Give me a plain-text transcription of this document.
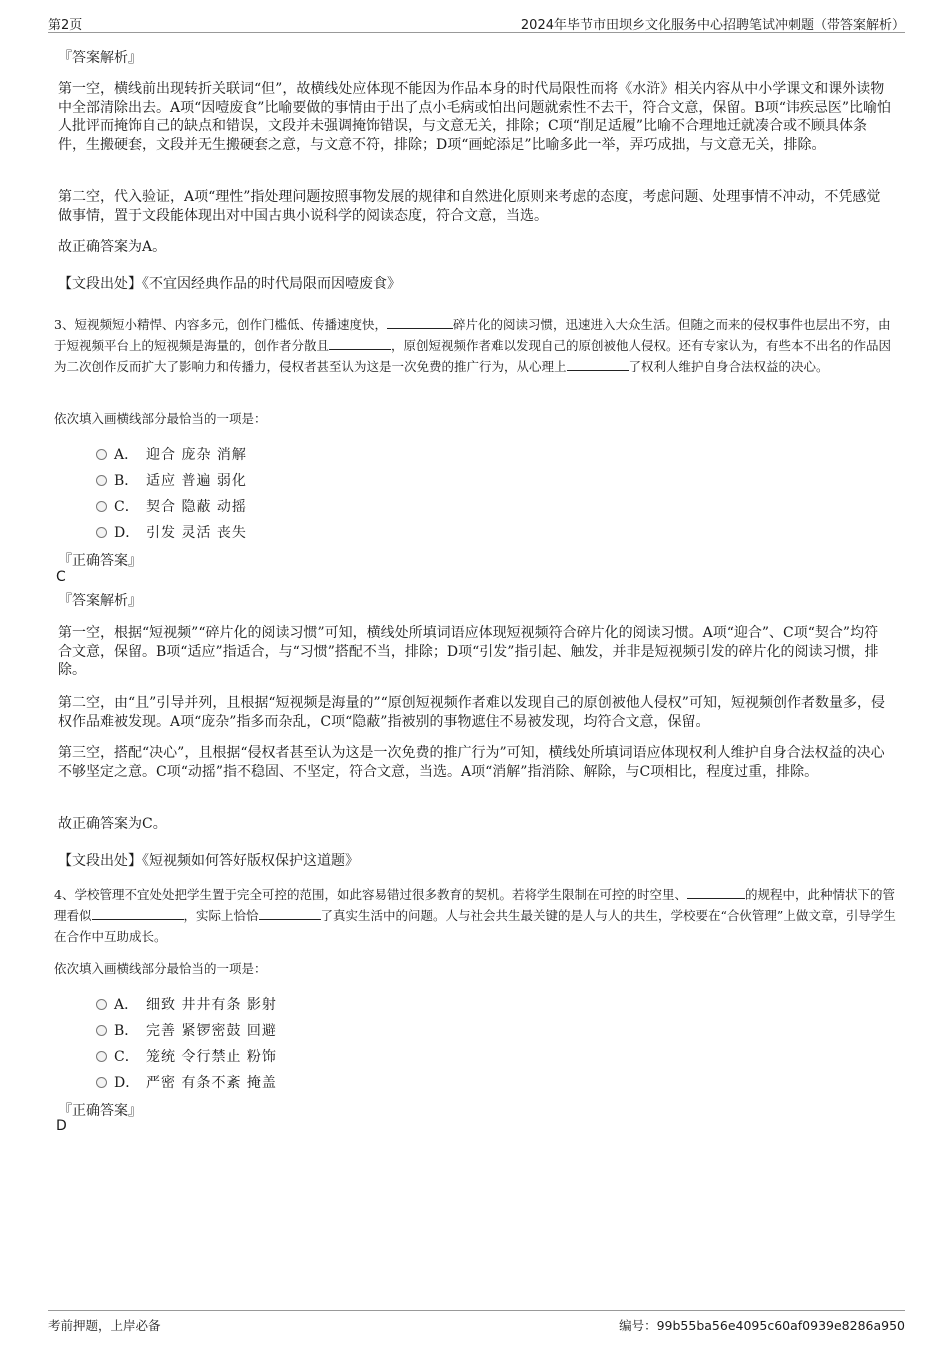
第2页	2024年毕节市田坝乡文化服务中心招聘笔试冲刺题（带答案解析）
『答案解析』
第一空，横线前出现转折关联词“但”，故横线处应体现不能因为作品本身的时代局限性而将《水浒》相关内容从中小学课文和课外读物中全部清除出去。A项“因噎废食”比喻要做的事情由于出了点小毛病或怕出问题就索性不去干，符合文意，保留。B项“讳疾忌医”比喻怕人批评而掩饰自己的缺点和错误，文段并未强调掩饰错误，与文意无关，排除；C项“削足适履”比喻不合理地迁就凑合或不顾具体条件，生搬硬套，文段并无生搬硬套之意，与文意不符，排除；D项“画蛇添足”比喻多此一举，弄巧成拙，与文意无关，排除。
第二空，代入验证，A项“理性”指处理问题按照事物发展的规律和自然进化原则来考虑的态度，考虑问题、处理事情不冲动，不凭感觉做事情，置于文段能体现出对中国古典小说科学的阅读态度，符合文意，当选。
故正确答案为A。
【文段出处】《不宜因经典作品的时代局限而因噎废食》
3、短视频短小精悍、内容多元，创作门槛低、传播速度快，	碎片化的阅读习惯，迅速进入大众生活。但随之而来的侵权事件也层出不穷，由于短视频平台上的短视频是海量的，创作者分散且	，原创短视频作者难以发现自己的原创被他人侵权。还有专家认为，有些本不出名的作品因为二次创作反而扩大了影响力和传播力，侵权者甚至认为这是一次免费的推广行为，从心理上	了权利人维护自身合法权益的决心。
依次填入画横线部分最恰当的一项是：
A． 迎合 庞杂 消解
B． 适应 普遍 弱化
C． 契合 隐蔽 动摇
D． 引发 灵活 丧失
『正确答案』
C
『答案解析』
第一空，根据“短视频”“碎片化的阅读习惯”可知，横线处所填词语应体现短视频符合碎片化的阅读习惯。A项“迎合”、C项“契合”均符合文意，保留。B项“适应”指适合，与“习惯”搭配不当，排除；D项“引发”指引起、触发，并非是短视频引发的碎片化的阅读习惯，排除。
第二空，由“且”引导并列，且根据“短视频是海量的”“原创短视频作者难以发现自己的原创被他人侵权”可知，短视频创作者数量多，侵权作品难被发现。A项“庞杂”指多而杂乱，C项“隐蔽”指被别的事物遮住不易被发现，均符合文意，保留。
第三空，搭配“决心”，且根据“侵权者甚至认为这是一次免费的推广行为”可知，横线处所填词语应体现权利人维护自身合法权益的决心不够坚定之意。C项“动摇”指不稳固、不坚定，符合文意，当选。A项“消解”指消除、解除，与C项相比，程度过重，排除。
故正确答案为C。
【文段出处】《短视频如何答好版权保护这道题》
4、学校管理不宜处处把学生置于完全可控的范围，如此容易错过很多教育的契机。若将学生限制在可控的时空里、	的规程中，此种情状下的管理看似	，实际上恰恰	了真实生活中的问题。人与社会共生最关键的是人与人的共生，学校要在“合伙管理”上做文章，引导学生在合作中互助成长。
依次填入画横线部分最恰当的一项是：
A． 细致 井井有条 影射
B． 完善 紧锣密鼓 回避
C． 笼统 令行禁止 粉饰
D． 严密 有条不紊 掩盖
『正确答案』
D
考前押题，上岸必备	编号：99b55ba56e4095c60af0939e8286a950
